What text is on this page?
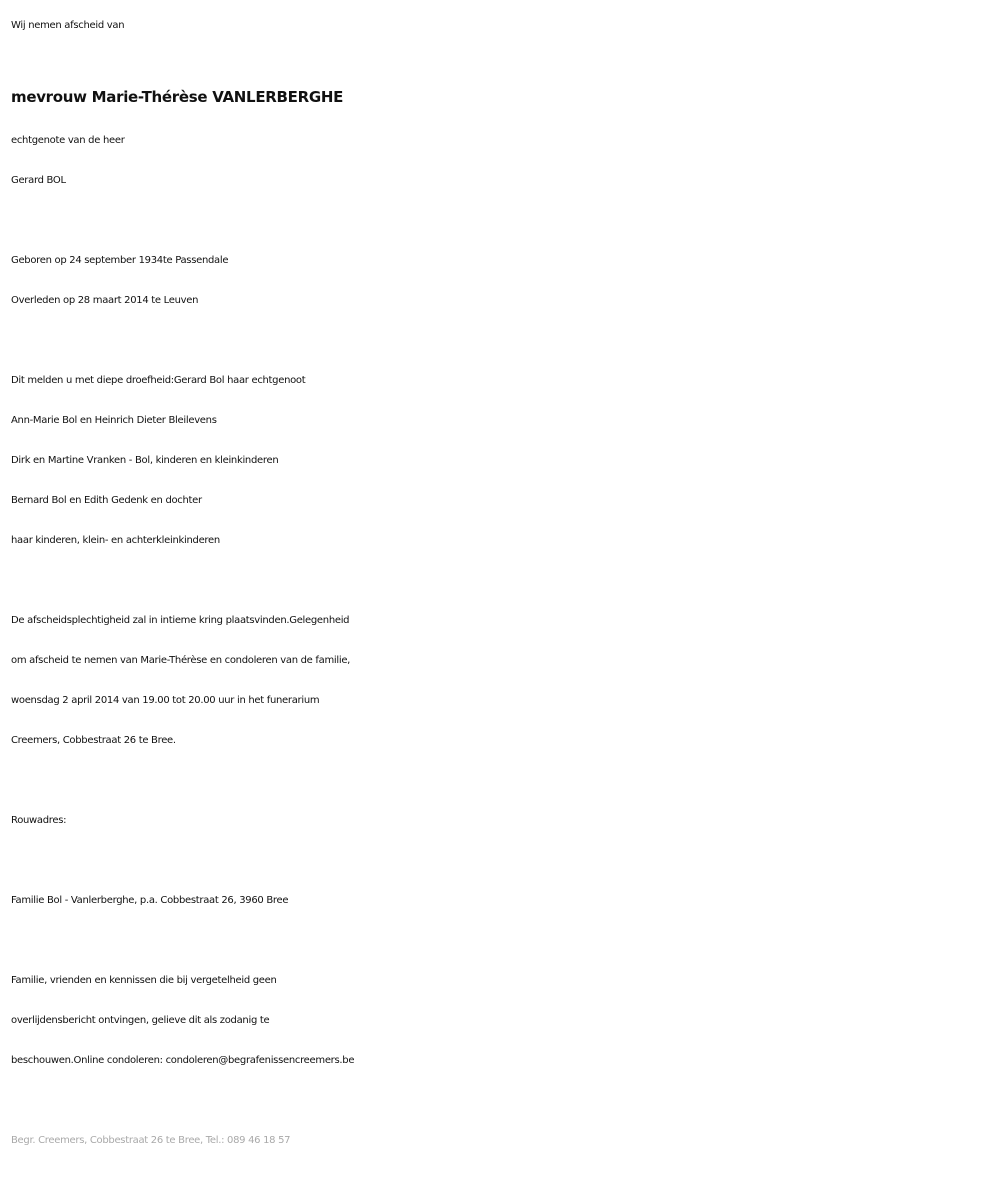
Wij nemen afscheid van
mevrouw Marie-Thérèse VANLERBERGHE
echtgenote van de heer
Gerard BOL
Geboren op 24 september 1934te Passendale
Overleden op 28 maart 2014 te Leuven
Dit melden u met diepe droefheid:Gerard Bol haar echtgenoot
Ann-Marie Bol en Heinrich Dieter Bleilevens
Dirk en Martine Vranken - Bol, kinderen en kleinkinderen
Bernard Bol en Edith Gedenk en dochter
haar kinderen, klein- en achterkleinkinderen
De afscheidsplechtigheid zal in intieme kring plaatsvinden.Gelegenheid
om afscheid te nemen van Marie-Thérèse en condoleren van de familie,
woensdag 2 april 2014 van 19.00 tot 20.00 uur in het funerarium
Creemers, Cobbestraat 26 te Bree.
Rouwadres:
Familie Bol - Vanlerberghe, p.a. Cobbestraat 26, 3960 Bree
Familie, vrienden en kennissen die bij vergetelheid geen
overlijdensbericht ontvingen, gelieve dit als zodanig te
beschouwen.Online condoleren: condoleren@begrafenissencreemers.be
Begr. Creemers, Cobbestraat 26 te Bree, Tel.: 089 46 18 57
